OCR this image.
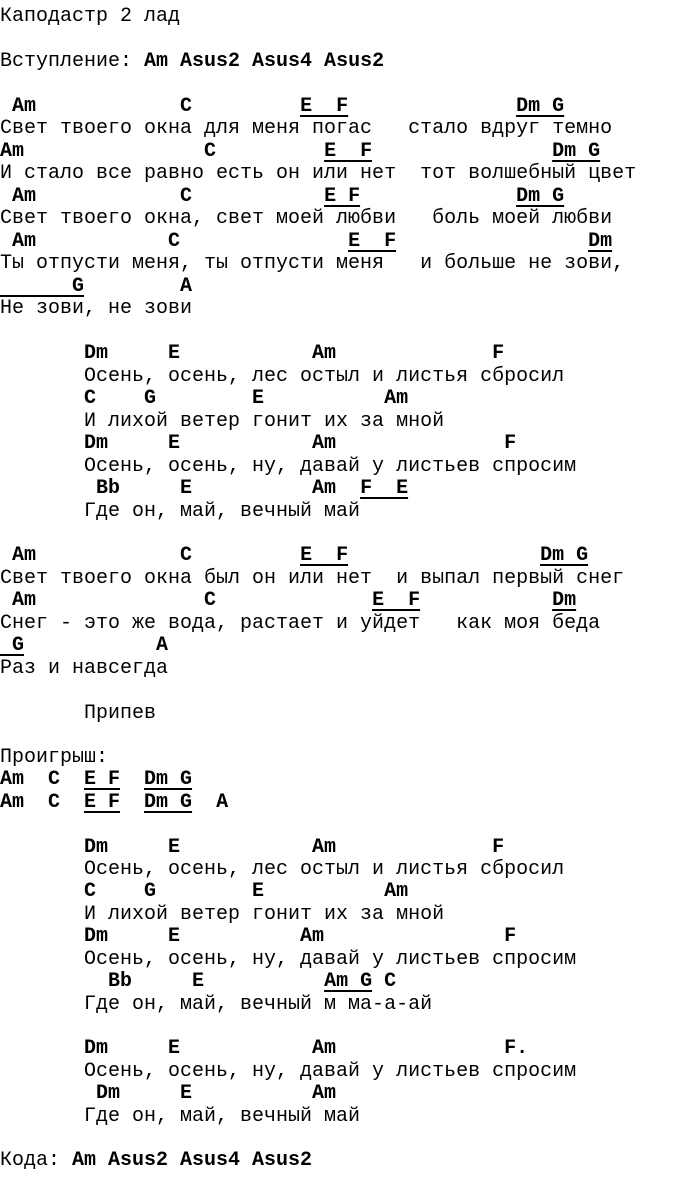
Каподастр 2 лад
Вступление: Am Asus2 Asus4 Asus2
Am            C         E  F	Dm G
Свет твоего окна для меня погас   стало вдруг темно
Am               C         E  F	Dm G
И стало все равно есть он или нет  тот волшебный цвет
Am            C           E F	Dm G
Свет твоего окна, свет моей любви   боль моей любви
Am           C              E  F	Dm
Ты отпусти меня, ты отпусти меня   и больше не зови,
G        A
Не зови, не зови
Dm     E           Am             F
Осень, осень, лес остыл и листья сбросил
C    G        E          Am
И лихой ветер гонит их за мной
Dm     E           Am              F
Осень, осень, ну, давай у листьев спросим
Bb     E          Am  F  E
Где он, май, вечный май
Am            C         E  F	Dm G
Свет твоего окна был он или нет  и выпал первый снег
Am              C             E  F	Dm
Снег - это же вода, растает и уйдет   как моя беда
G           A
Раз и навсегда
Припев
Проигрыш:
Am  C  E F Dm G
Am  C  E F Dm G  A
Dm     E           Am             F
Осень, осень, лес остыл и листья сбросил
C    G        E          Am
И лихой ветер гонит их за мной
Dm     E          Am               F
Осень, осень, ну, давай у листьев спросим
Bb     E          Am G C
Где он, май, вечный м ма-а-ай
Dm     E           Am              F.
Осень, осень, ну, давай у листьев спросим
Dm     E          Am
Где он, май, вечный май
Кода: Am Asus2 Asus4 Asus2
